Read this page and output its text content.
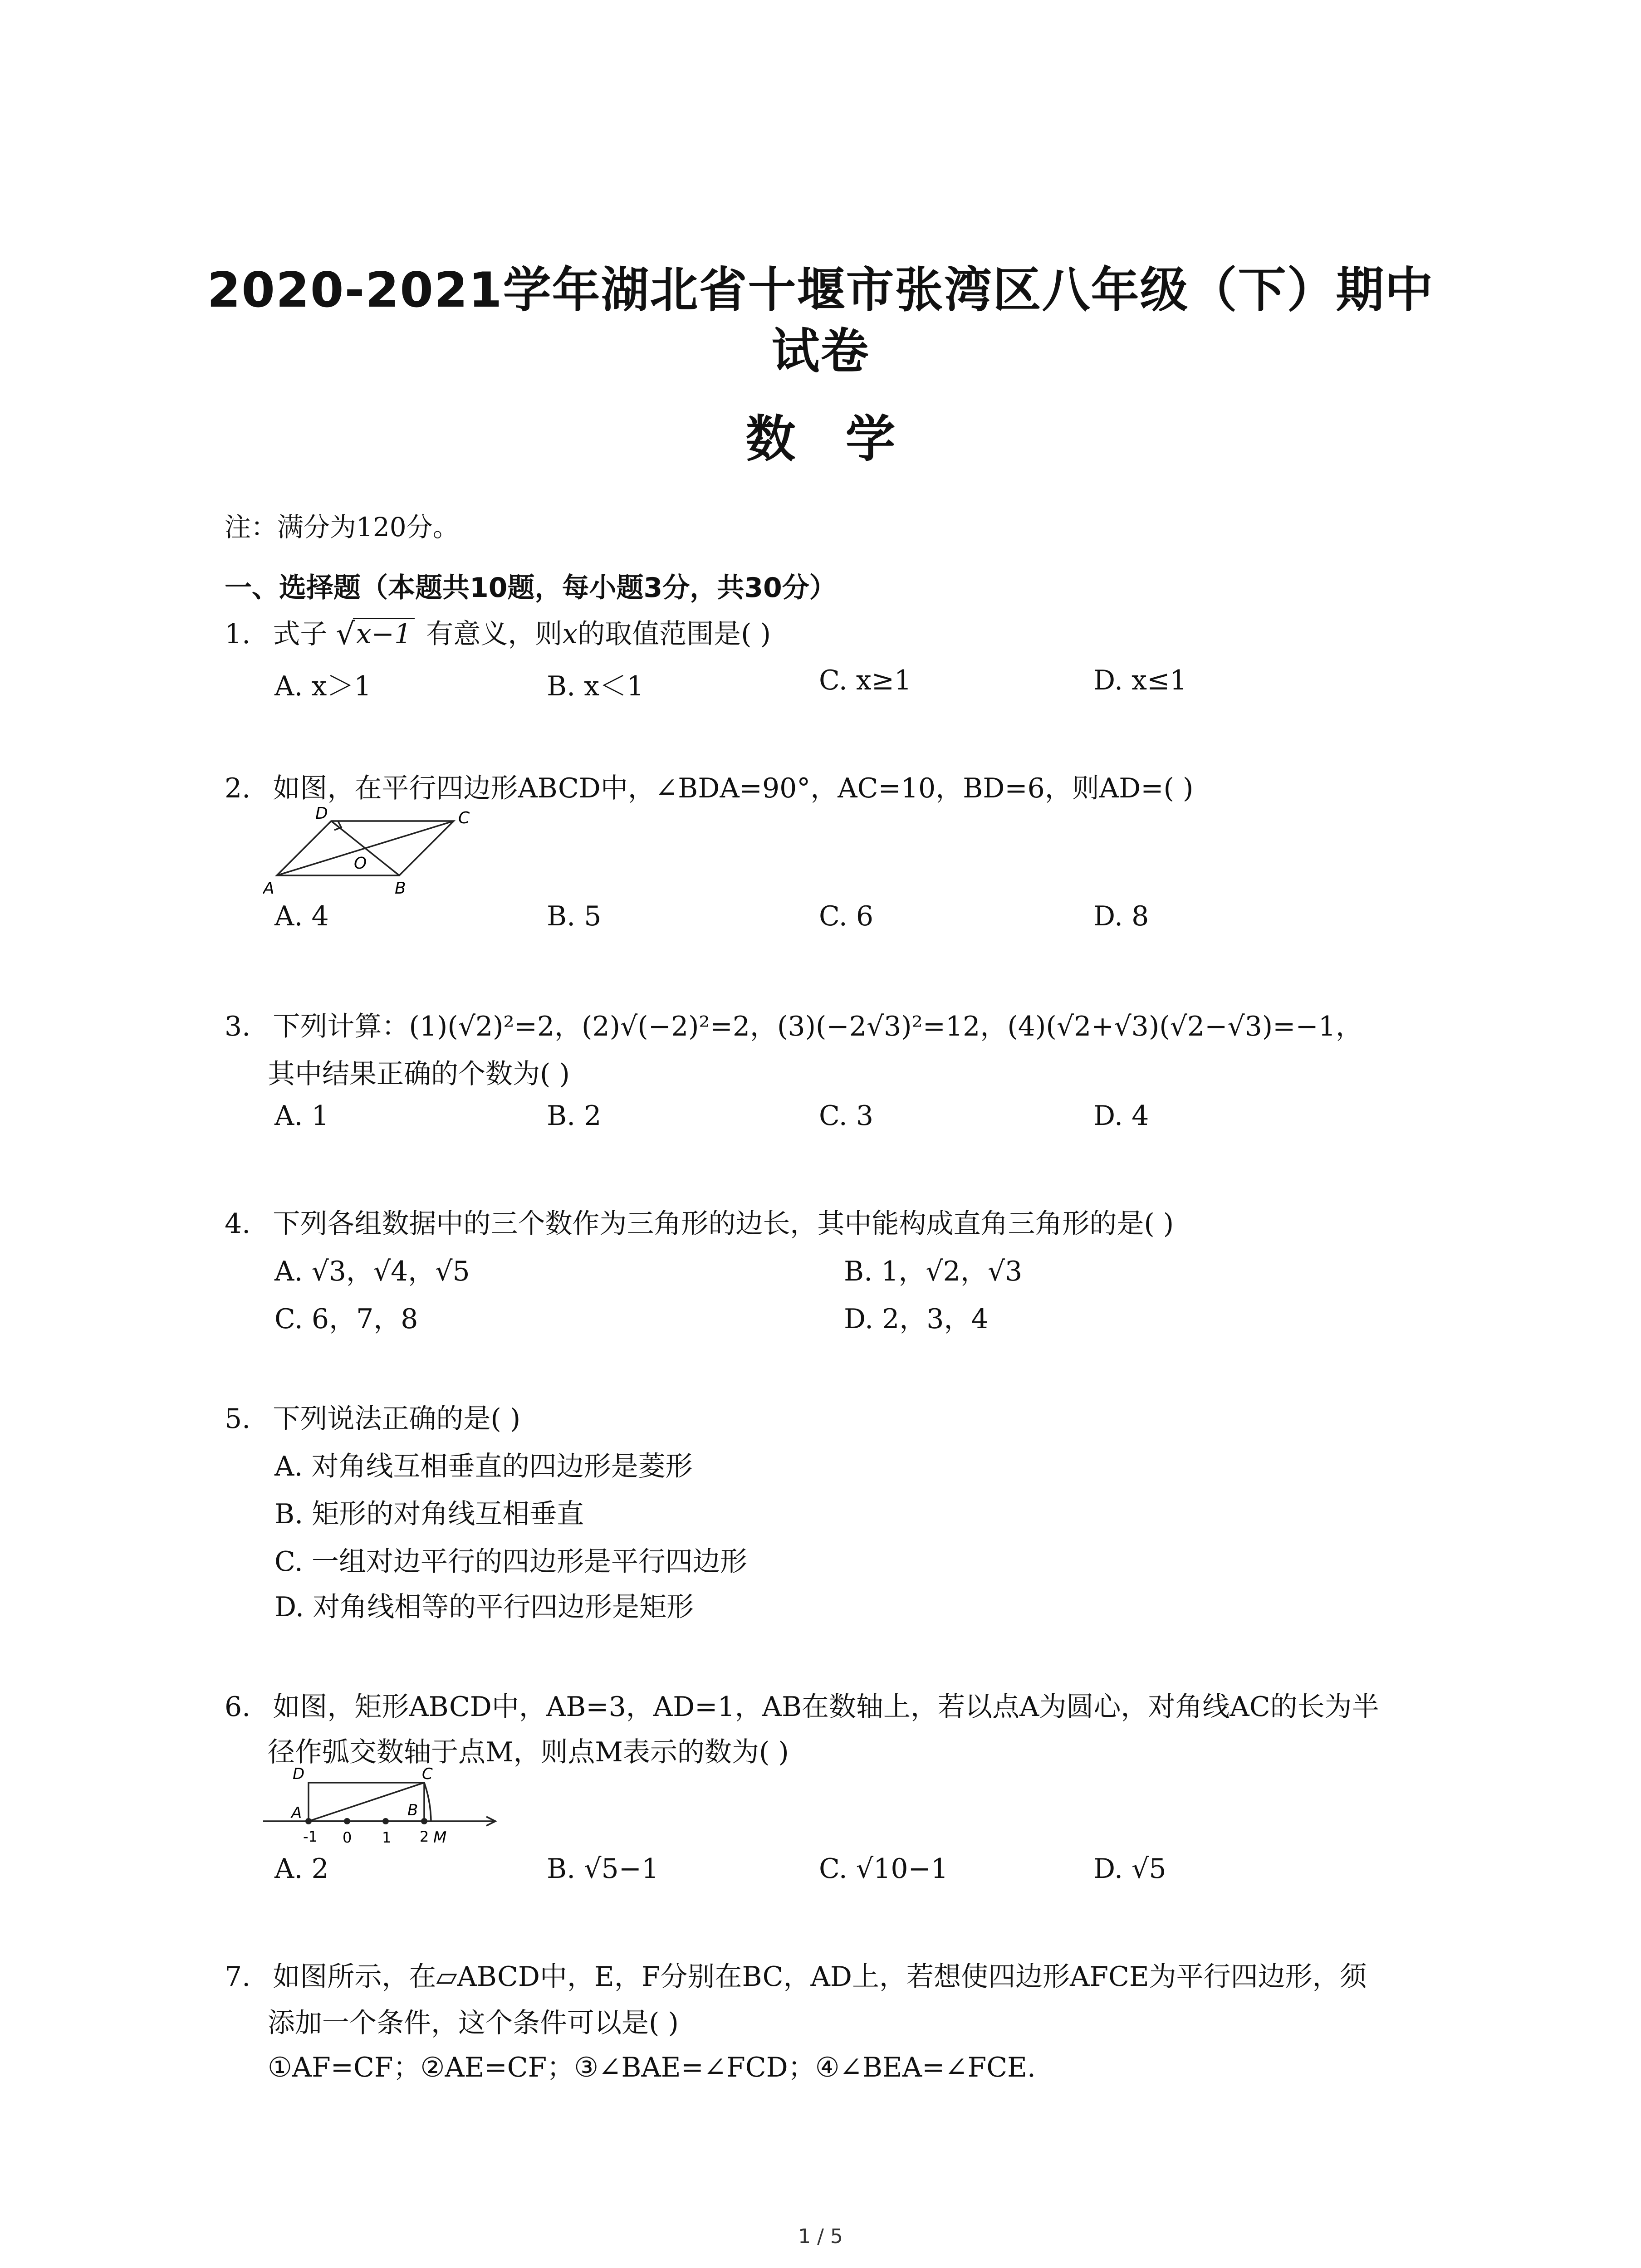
2020-2021学年湖北省十堰市张湾区八年级（下）期中
试卷
数学
注：满分为120分。
一、选择题（本题共10题，每小题3分，共30分）
1. 式子 √ x−1 有意义，则x的取值范围是( )
A. x＞1	B. x＜1	C. x≥1	D. x≤1
2. 如图，在平行四边形ABCD中，∠BDA=90°，AC=10，BD=6，则AD=( )
D	C
O
A	B
A. 4	B. 5	C. 6	D. 8
3. 下列计算：(1)(√2)²=2，(2)√(−2)²=2，(3)(−2√3)²=12，(4)(√2+√3)(√2−√3)=−1，
其中结果正确的个数为( )
A. 1	B. 2	C. 3	D. 4
4. 下列各组数据中的三个数作为三角形的边长，其中能构成直角三角形的是( )
A. √3，√4，√5	B. 1，√2，√3
C. 6，7，8	D. 2，3，4
5. 下列说法正确的是( )
A. 对角线互相垂直的四边形是菱形
B. 矩形的对角线互相垂直
C. 一组对边平行的四边形是平行四边形
D. 对角线相等的平行四边形是矩形
6. 如图，矩形ABCD中，AB=3，AD=1，AB在数轴上，若以点A为圆心，对角线AC的长为半
径作弧交数轴于点M，则点M表示的数为( )
D	C
A	B
-1 0 1 2 M
A. 2	B. √5−1	C. √10−1	D. √5
7. 如图所示，在▱ABCD中，E，F分别在BC，AD上，若想使四边形AFCE为平行四边形，须
添加一个条件，这个条件可以是( )
①AF=CF；②AE=CF；③∠BAE=∠FCD；④∠BEA=∠FCE.
1 / 5
